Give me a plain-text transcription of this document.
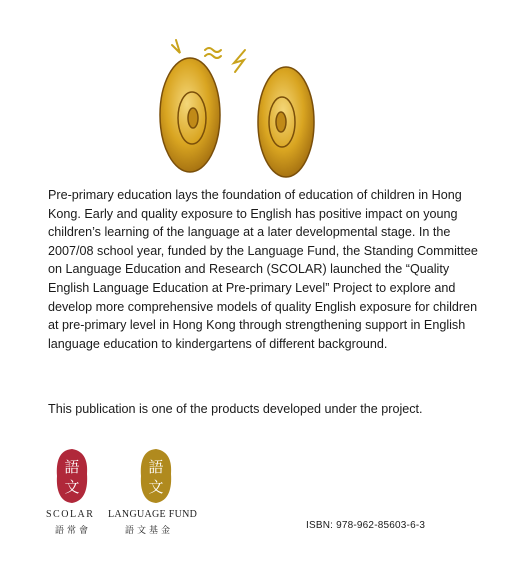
Pre-primary education lays the foundation of education of children in Hong Kong. Early and quality exposure to English has positive impact on young children’s learning of the language at a later developmental stage. In the 2007/08 school year, funded by the Language Fund, the Standing Committee on Language Education and Research (SCOLAR) launched the “Quality English Language Education at Pre-primary Level” Project to explore and develop more comprehensive models of quality English exposure for children at pre-primary level in Hong Kong through strengthening support in English language education to kindergartens of different background.

This publication is one of the products developed under the project.

語
文
SCOLAR
語常會
語
文
LANGUAGE FUND
語文基金	ISBN: 978-962-85603-6-3
